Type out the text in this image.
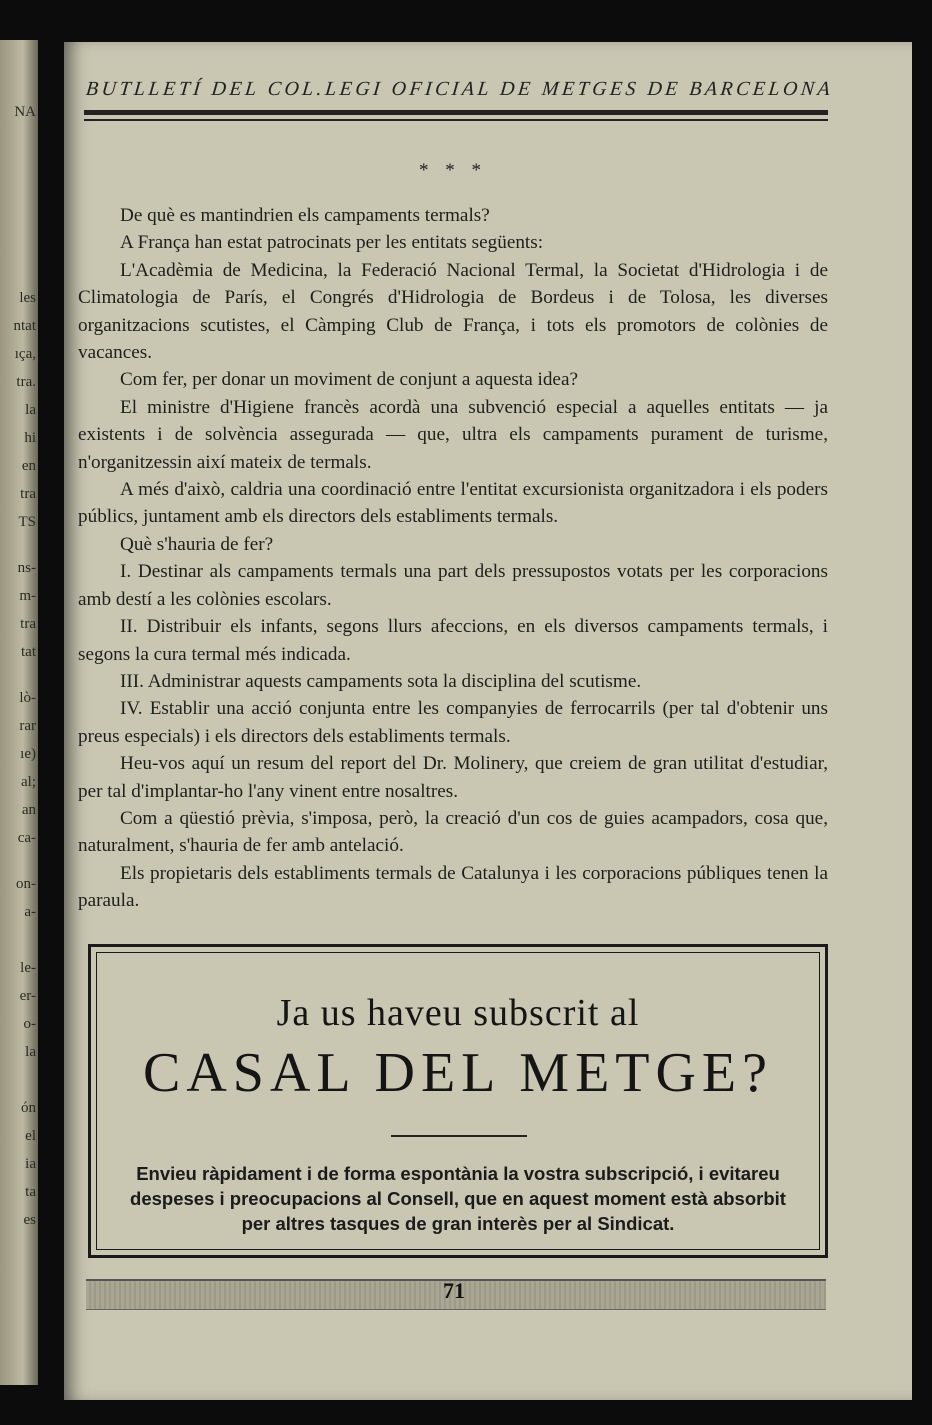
NA
les
ntat
ıça,
tra.
la
hi
en
tra
TS
ns-
m-
tra
tat
lò-
rar
ıe)
al;
an
ca-
on-
a-
le-
er-
o-
la
ón
el
ia
ta
es
BUTLLETÍ DEL COL.LEGI OFICIAL DE METGES DE BARCELONA
* * *

De què es mantindrien els campaments termals?

A França han estat patrocinats per les entitats següents:

L'Acadèmia de Medicina, la Federació Nacional Termal, la Societat d'Hidrologia i de Climatologia de París, el Congrés d'Hidrologia de Bordeus i de Tolosa, les diverses organitzacions scutistes, el Càmping Club de França, i tots els promotors de colònies de vacances.

Com fer, per donar un moviment de conjunt a aquesta idea?

El ministre d'Higiene francès acordà una subvenció especial a aquelles entitats — ja existents i de solvència assegurada — que, ultra els campaments purament de turisme, n'organitzessin així mateix de termals.

A més d'això, caldria una coordinació entre l'entitat excursionista organitzadora i els poders públics, juntament amb els directors dels establiments termals.

Què s'hauria de fer?

I. Destinar als campaments termals una part dels pressupostos votats per les corporacions amb destí a les colònies escolars.

II. Distribuir els infants, segons llurs afeccions, en els diversos campaments termals, i segons la cura termal més indicada.

III. Administrar aquests campaments sota la disciplina del scutisme.

IV. Establir una acció conjunta entre les companyies de ferrocarrils (per tal d'obtenir uns preus especials) i els directors dels establiments termals.

Heu-vos aquí un resum del report del Dr. Molinery, que creiem de gran utilitat d'estudiar, per tal d'implantar-ho l'any vinent entre nosaltres.

Com a qüestió prèvia, s'imposa, però, la creació d'un cos de guies acampadors, cosa que, naturalment, s'hauria de fer amb antelació.

Els propietaris dels establiments termals de Catalunya i les corporacions públiques tenen la paraula.

Ja us haveu subscrit al
CASAL DEL METGE?
Envieu ràpidament i de forma espontània la vostra subscripció, i evitareu despeses i preocupacions al Consell, que en aquest moment està absorbit per altres tasques de gran interès per al Sindicat.
71
